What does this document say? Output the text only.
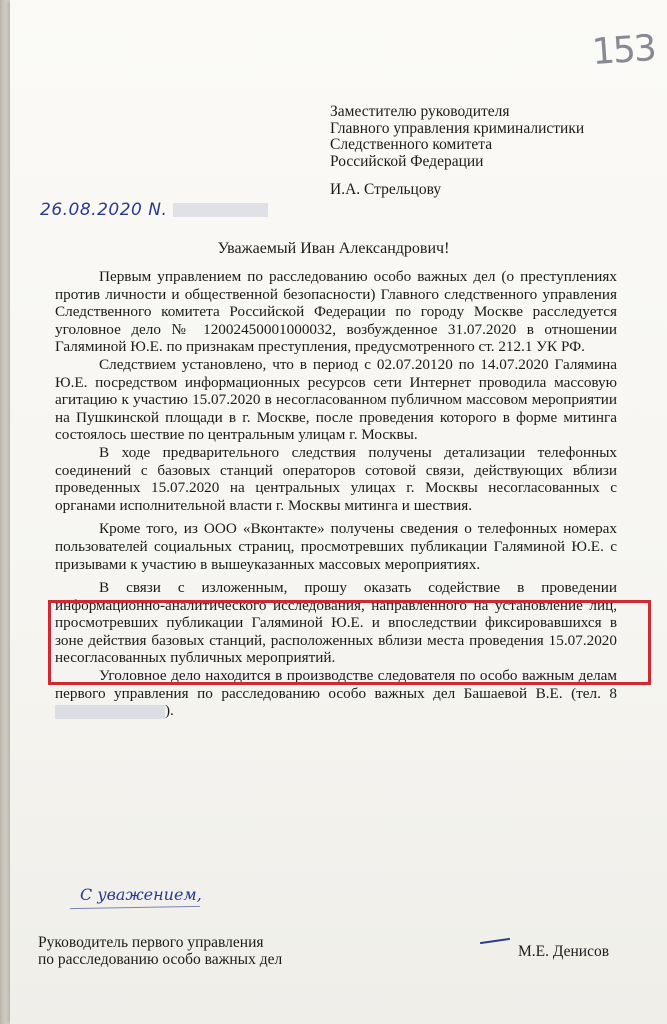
153
Заместителю руководителя
Главного управления криминалистики
Следственного комитета
Российской Федерации
И.А. Стрельцову
26.08.2020 N.
Уважаемый Иван Александрович!

Первым управлением по расследованию особо важных дел (о преступлениях против личности и общественной безопасности) Главного следственного управления Следственного комитета Российской Федерации по городу Москве расследуется уголовное дело № 12002450001000032, возбужденное 31.07.2020 в отношении Галяминой Ю.Е. по признакам преступления, предусмотренного ст. 212.1 УК РФ.

Следствием установлено, что в период с 02.07.20120 по 14.07.2020 Галямина Ю.Е. посредством информационных ресурсов сети Интернет проводила массовую агитацию к участию 15.07.2020 в несогласованном публичном массовом мероприятии на Пушкинской площади в г. Москве, после проведения которого в форме митинга состоялось шествие по центральным улицам г. Москвы.

В ходе предварительного следствия получены детализации телефонных соединений с базовых станций операторов сотовой связи, действующих вблизи проведенных 15.07.2020 на центральных улицах г. Москвы несогласованных с органами исполнительной власти г. Москвы митинга и шествия.

Кроме того, из ООО «Вконтакте» получены сведения о телефонных номерах пользователей социальных страниц, просмотревших публикации Галяминой Ю.Е. с призывами к участию в вышеуказанных массовых мероприятиях.

В связи с изложенным, прошу оказать содействие в проведении информационно-аналитического исследования, направленного на установление лиц, просмотревших публикации Галяминой Ю.Е. и впоследствии фиксировавшихся в зоне действия базовых станций, расположенных вблизи места проведения 15.07.2020 несогласованных публичных мероприятий.

Уголовное дело находится в производстве следователя по особо важным делам первого управления по расследованию особо важных дел Башаевой В.Е. (тел. 8).

С уважением,
Руководитель первого управления
по расследованию особо важных дел	М.Е. Денисов
